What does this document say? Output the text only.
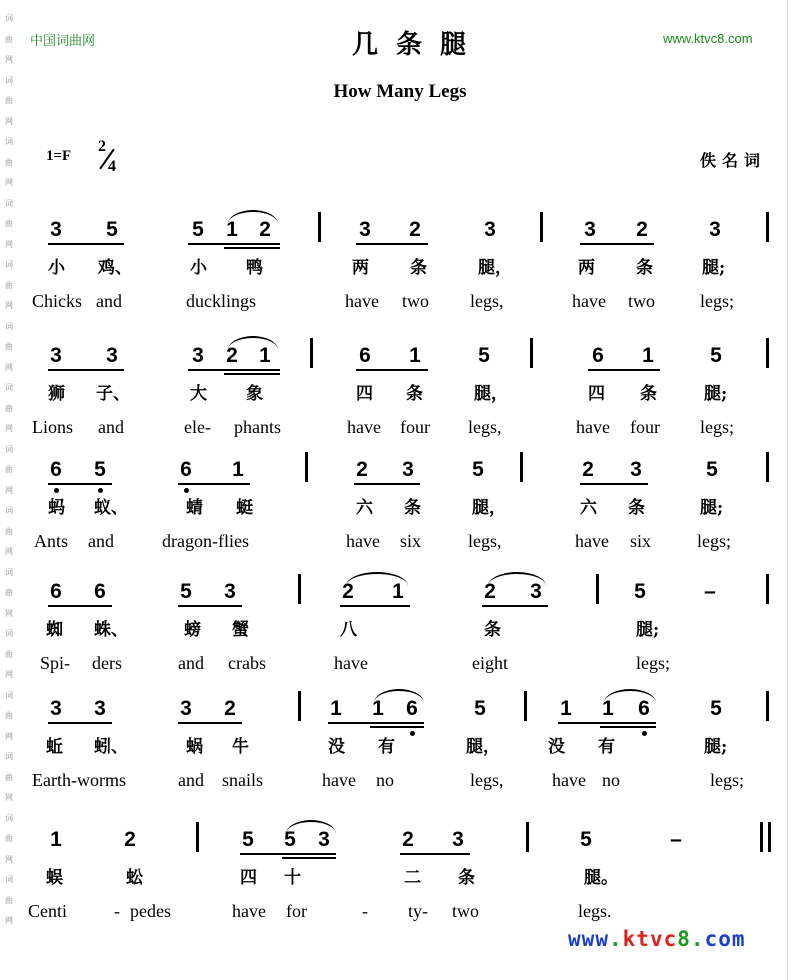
词
曲
网
词
曲
网
词
曲
网
词
曲
网
词
曲
网
词
曲
网
词
曲
网
词
曲
网
词
曲
网
词
曲
网
词
曲
网
词
曲
网
词
曲
网
词
曲
网
词
曲
网
中国词曲网	www.ktvc8.com
几条腿
How Many Legs
1=F
2
4	佚名词
3 5	5 1 2	3 2	3	3 2	3
小 鸡、	小 鸭	两 条	腿，	两 条	腿;
Chicks and	ducklings	have two legs,	have two	legs;
3 3	3 2 1	6 1	5	6 1	5
狮 子、	大 象	四 条	腿，	四 条	腿;
Lions and	ele- phants	have four legs,	have four legs;
6 5	6 1	2 3	5	2 3	5
蚂 蚁、	蜻 蜓	六 条	腿，	六 条	腿;
Ants and	dragon-flies	have six	legs,	have six	legs;
6 6	5 3	2 1	2 3	5	–
蜘 蛛、	螃 蟹	八	条	腿;
Spi- ders	and crabs	have	eight	legs;
3 3	3 2	1 1 6	5	1 1 6	5
蚯 蚓、	蜗 牛	没 有	腿，	没 有	腿;
Earth-worms	and snails	have no	legs,	have no	legs;
1	2	5 5 3	2 3	5	–
蜈	蚣	四 十	二 条	腿。
Centi	- pedes	have for	- ty- two	legs.
www.ktvc8.com
